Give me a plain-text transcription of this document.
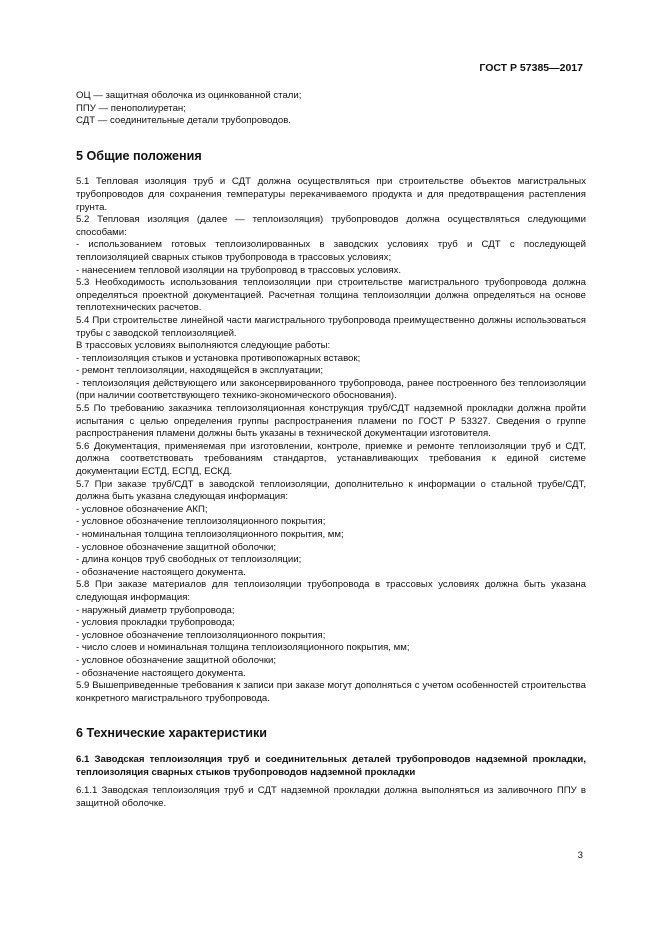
ГОСТ Р 57385—2017

ОЦ — защитная оболочка из оцинкованной стали;

ППУ — пенополиуретан;

СДТ — соединительные детали трубопроводов.

5 Общие положения

5.1 Тепловая изоляция труб и СДТ должна осуществляться при строительстве объектов магистральных трубопроводов для сохранения температуры перекачиваемого продукта и для предотвращения растепления грунта.

5.2 Тепловая изоляция (далее — теплоизоляция) трубопроводов должна осуществляться следующими способами:

- использованием готовых теплоизолированных в заводских условиях труб и СДТ с последующей теплоизоляцией сварных стыков трубопровода в трассовых условиях;

- нанесением тепловой изоляции на трубопровод в трассовых условиях.

5.3 Необходимость использования теплоизоляции при строительстве магистрального трубопровода должна определяться проектной документацией. Расчетная толщина теплоизоляции должна определяться на основе теплотехнических расчетов.

5.4 При строительстве линейной части магистрального трубопровода преимущественно должны использоваться трубы с заводской теплоизоляцией.

В трассовых условиях выполняются следующие работы:

- теплоизоляция стыков и установка противопожарных вставок;

- ремонт теплоизоляции, находящейся в эксплуатации;

- теплоизоляция действующего или законсервированного трубопровода, ранее построенного без теплоизоляции (при наличии соответствующего технико-экономического обоснования).

5.5 По требованию заказчика теплоизоляционная конструкция труб/СДТ надземной прокладки должна пройти испытания с целью определения группы распространения пламени по ГОСТ Р 53327. Сведения о группе распространения пламени должны быть указаны в технической документации изготовителя.

5.6 Документация, применяемая при изготовлении, контроле, приемке и ремонте теплоизоляции труб и СДТ, должна соответствовать требованиям стандартов, устанавливающих требования к единой системе документации ЕСТД, ЕСПД, ЕСКД.

5.7 При заказе труб/СДТ в заводской теплоизоляции, дополнительно к информации о стальной трубе/СДТ, должна быть указана следующая информация:

- условное обозначение АКП;

- условное обозначение теплоизоляционного покрытия;

- номинальная толщина теплоизоляционного покрытия, мм;

- условное обозначение защитной оболочки;

- длина концов труб свободных от теплоизоляции;

- обозначение настоящего документа.

5.8 При заказе материалов для теплоизоляции трубопровода в трассовых условиях должна быть указана следующая информация:

- наружный диаметр трубопровода;

- условия прокладки трубопровода;

- условное обозначение теплоизоляционного покрытия;

- число слоев и номинальная толщина теплоизоляционного покрытия, мм;

- условное обозначение защитной оболочки;

- обозначение настоящего документа.

5.9 Вышеприведенные требования к записи при заказе могут дополняться с учетом особенностей строительства конкретного магистрального трубопровода.

6 Технические характеристики
6.1 Заводская теплоизоляция труб и соединительных деталей трубопроводов надземной прокладки, теплоизоляция сварных стыков трубопроводов надземной прокладки

6.1.1 Заводская теплоизоляция труб и СДТ надземной прокладки должна выполняться из заливочного ППУ в защитной оболочке.

3
